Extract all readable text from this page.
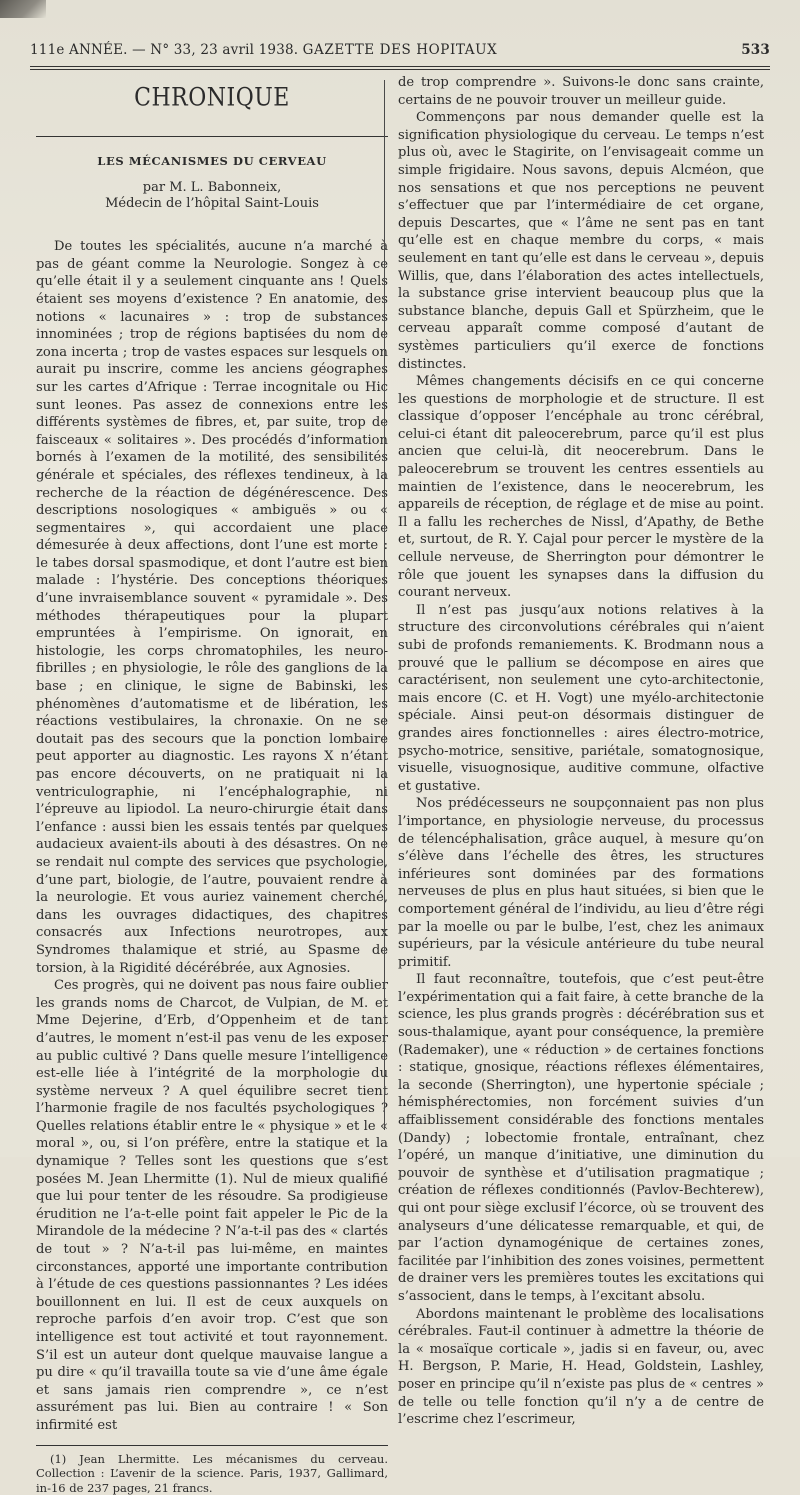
111e ANNÉE. — N° 33, 23 avril 1938. GAZETTE DES HOPITAUX	533
CHRONIQUE
LES MÉCANISMES DU CERVEAU
par M. L. Babonneix,
Médecin de l’hôpital Saint-Louis

De toutes les spécialités, aucune n’a marché à pas de géant comme la Neurologie. Songez à ce qu’elle était il y a seulement cinquante ans ! Quels étaient ses moyens d’existence ? En anatomie, des notions « lacunaires » : trop de substances innominées ; trop de régions baptisées du nom de zona incerta ; trop de vastes espaces sur lesquels on aurait pu inscrire, comme les anciens géographes sur les cartes d’Afrique : Terrae incognitale ou Hic sunt leones. Pas assez de connexions entre les différents systèmes de fibres, et, par suite, trop de faisceaux « solitaires ». Des procédés d’information bornés à l’examen de la motilité, des sensibilités générale et spéciales, des réflexes tendineux, à la recherche de la réaction de dégénérescence. Des descriptions nosologiques « ambiguës » ou « segmentaires », qui accordaient une place démesurée à deux affections, dont l’une est morte : le tabes dorsal spasmodique, et dont l’autre est bien malade : l’hystérie. Des conceptions théoriques d’une invraisemblance souvent « pyramidale ». Des méthodes thérapeutiques pour la plupart empruntées à l’empirisme. On ignorait, en histologie, les corps chromatophiles, les neuro-fibrilles ; en physiologie, le rôle des ganglions de la base ; en clinique, le signe de Babinski, les phénomènes d’automatisme et de libération, les réactions vestibulaires, la chronaxie. On ne se doutait pas des secours que la ponction lombaire peut apporter au diagnostic. Les rayons X n’étant pas encore découverts, on ne pratiquait ni la ventriculographie, ni l’encéphalographie, ni l’épreuve au lipiodol. La neuro-chirurgie était dans l’enfance : aussi bien les essais tentés par quelques audacieux avaient-ils abouti à des désastres. On ne se rendait nul compte des services que psychologie, d’une part, biologie, de l’autre, pouvaient rendre à la neurologie. Et vous auriez vainement cherché, dans les ouvrages didactiques, des chapitres consacrés aux Infections neurotropes, aux Syndromes thalamique et strié, au Spasme de torsion, à la Rigidité décérébrée, aux Agnosies.

Ces progrès, qui ne doivent pas nous faire oublier les grands noms de Charcot, de Vulpian, de M. et Mme Dejerine, d’Erb, d’Oppenheim et de tant d’autres, le moment n’est-il pas venu de les exposer au public cultivé ? Dans quelle mesure l’intelligence est-elle liée à l’intégrité de la morphologie du système nerveux ? A quel équilibre secret tient l’harmonie fragile de nos facultés psychologiques ? Quelles relations établir entre le « physique » et le « moral », ou, si l’on préfère, entre la statique et la dynamique ? Telles sont les questions que s’est posées M. Jean Lhermitte (1). Nul de mieux qualifié que lui pour tenter de les résoudre. Sa prodigieuse érudition ne l’a-t-elle point fait appeler le Pic de la Mirandole de la médecine ? N’a-t-il pas des « clartés de tout » ? N’a-t-il pas lui-même, en maintes circonstances, apporté une importante contribution à l’étude de ces questions passionnantes ? Les idées bouillonnent en lui. Il est de ceux auxquels on reproche parfois d’en avoir trop. C’est que son intelligence est tout activité et tout rayonnement. S’il est un auteur dont quelque mauvaise langue a pu dire « qu’il travailla toute sa vie d’une âme égale et sans jamais rien comprendre », ce n’est assurément pas lui. Bien au contraire ! « Son infirmité est

(1) Jean Lhermitte. Les mécanismes du cerveau. Collection : L’avenir de la science. Paris, 1937, Gallimard, in-16 de 237 pages, 21 francs.

de trop comprendre ». Suivons-le donc sans crainte, certains de ne pouvoir trouver un meilleur guide.

Commençons par nous demander quelle est la signification physiologique du cerveau. Le temps n’est plus où, avec le Stagirite, on l’envisageait comme un simple frigidaire. Nous savons, depuis Alcméon, que nos sensations et que nos perceptions ne peuvent s’effectuer que par l’intermédiaire de cet organe, depuis Descartes, que « l’âme ne sent pas en tant qu’elle est en chaque membre du corps, « mais seulement en tant qu’elle est dans le cerveau », depuis Willis, que, dans l’élaboration des actes intellectuels, la substance grise intervient beaucoup plus que la substance blanche, depuis Gall et Spürzheim, que le cerveau apparaît comme composé d’autant de systèmes particuliers qu’il exerce de fonctions distinctes.

Mêmes changements décisifs en ce qui concerne les questions de morphologie et de structure. Il est classique d’opposer l’encéphale au tronc cérébral, celui-ci étant dit paleocerebrum, parce qu’il est plus ancien que celui-là, dit neocerebrum. Dans le paleocerebrum se trouvent les centres essentiels au maintien de l’existence, dans le neocerebrum, les appareils de réception, de réglage et de mise au point. Il a fallu les recherches de Nissl, d’Apathy, de Bethe et, surtout, de R. Y. Cajal pour percer le mystère de la cellule nerveuse, de Sherrington pour démontrer le rôle que jouent les synapses dans la diffusion du courant nerveux.

Il n’est pas jusqu’aux notions relatives à la structure des circonvolutions cérébrales qui n’aient subi de profonds remaniements. K. Brodmann nous a prouvé que le pallium se décompose en aires que caractérisent, non seulement une cyto-architectonie, mais encore (C. et H. Vogt) une myélo-architectonie spéciale. Ainsi peut-on désormais distinguer de grandes aires fonctionnelles : aires électro-motrice, psycho-motrice, sensitive, pariétale, somatognosique, visuelle, visuognosique, auditive commune, olfactive et gustative.

Nos prédécesseurs ne soupçonnaient pas non plus l’importance, en physiologie nerveuse, du processus de télencéphalisation, grâce auquel, à mesure qu’on s’élève dans l’échelle des êtres, les structures inférieures sont dominées par des formations nerveuses de plus en plus haut situées, si bien que le comportement général de l’individu, au lieu d’être régi par la moelle ou par le bulbe, l’est, chez les animaux supérieurs, par la vésicule antérieure du tube neural primitif.

Il faut reconnaître, toutefois, que c’est peut-être l’expérimentation qui a fait faire, à cette branche de la science, les plus grands progrès : décérébration sus et sous-thalamique, ayant pour conséquence, la première (Rademaker), une « réduction » de certaines fonctions : statique, gnosique, réactions réflexes élémentaires, la seconde (Sherrington), une hypertonie spéciale ; hémisphérectomies, non forcément suivies d’un affaiblissement considérable des fonctions mentales (Dandy) ; lobectomie frontale, entraînant, chez l’opéré, un manque d’initiative, une diminution du pouvoir de synthèse et d’utilisation pragmatique ; création de réflexes conditionnés (Pavlov-Bechterew), qui ont pour siège exclusif l’écorce, où se trouvent des analyseurs d’une délicatesse remarquable, et qui, de par l’action dynamogénique de certaines zones, facilitée par l’inhibition des zones voisines, permettent de drainer vers les premières toutes les excitations qui s’associent, dans le temps, à l’excitant absolu.

Abordons maintenant le problème des localisations cérébrales. Faut-il continuer à admettre la théorie de la « mosaïque corticale », jadis si en faveur, ou, avec H. Bergson, P. Marie, H. Head, Goldstein, Lashley, poser en principe qu’il n’existe pas plus de « centres » de telle ou telle fonction qu’il n’y a de centre de l’escrime chez l’escrimeur,
